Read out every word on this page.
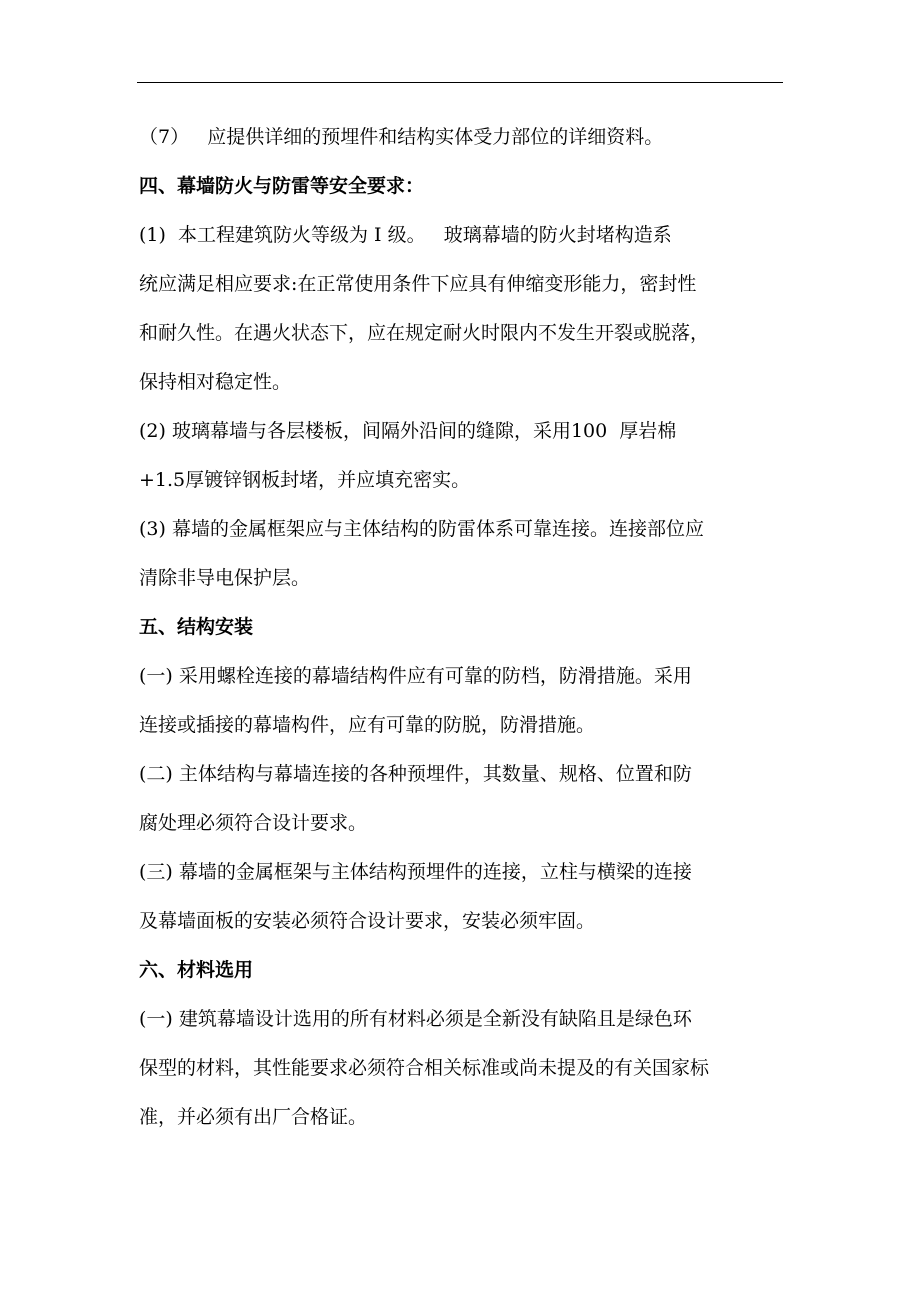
（7）   应提供详细的预埋件和结构实体受力部位的详细资料。

四、幕墙防火与防雷等安全要求：

(1)  本工程建筑防火等级为 I 级。   玻璃幕墙的防火封堵构造系

统应满足相应要求:在正常使用条件下应具有伸缩变形能力，密封性

和耐久性。在遇火状态下，应在规定耐火时限内不发生开裂或脱落，

保持相对稳定性。

(2) 玻璃幕墙与各层楼板，间隔外沿间的缝隙，采用100  厚岩棉

+1.5厚镀锌钢板封堵，并应填充密实。

(3) 幕墙的金属框架应与主体结构的防雷体系可靠连接。连接部位应

清除非导电保护层。

五、结构安装

(一) 采用螺栓连接的幕墙结构件应有可靠的防档，防滑措施。采用

连接或插接的幕墙构件，应有可靠的防脱，防滑措施。

(二) 主体结构与幕墙连接的各种预埋件，其数量、规格、位置和防

腐处理必须符合设计要求。

(三) 幕墙的金属框架与主体结构预埋件的连接，立柱与横梁的连接

及幕墙面板的安装必须符合设计要求，安装必须牢固。

六、材料选用

(一) 建筑幕墙设计选用的所有材料必须是全新没有缺陷且是绿色环

保型的材料，其性能要求必须符合相关标准或尚未提及的有关国家标

准，并必须有出厂合格证。
